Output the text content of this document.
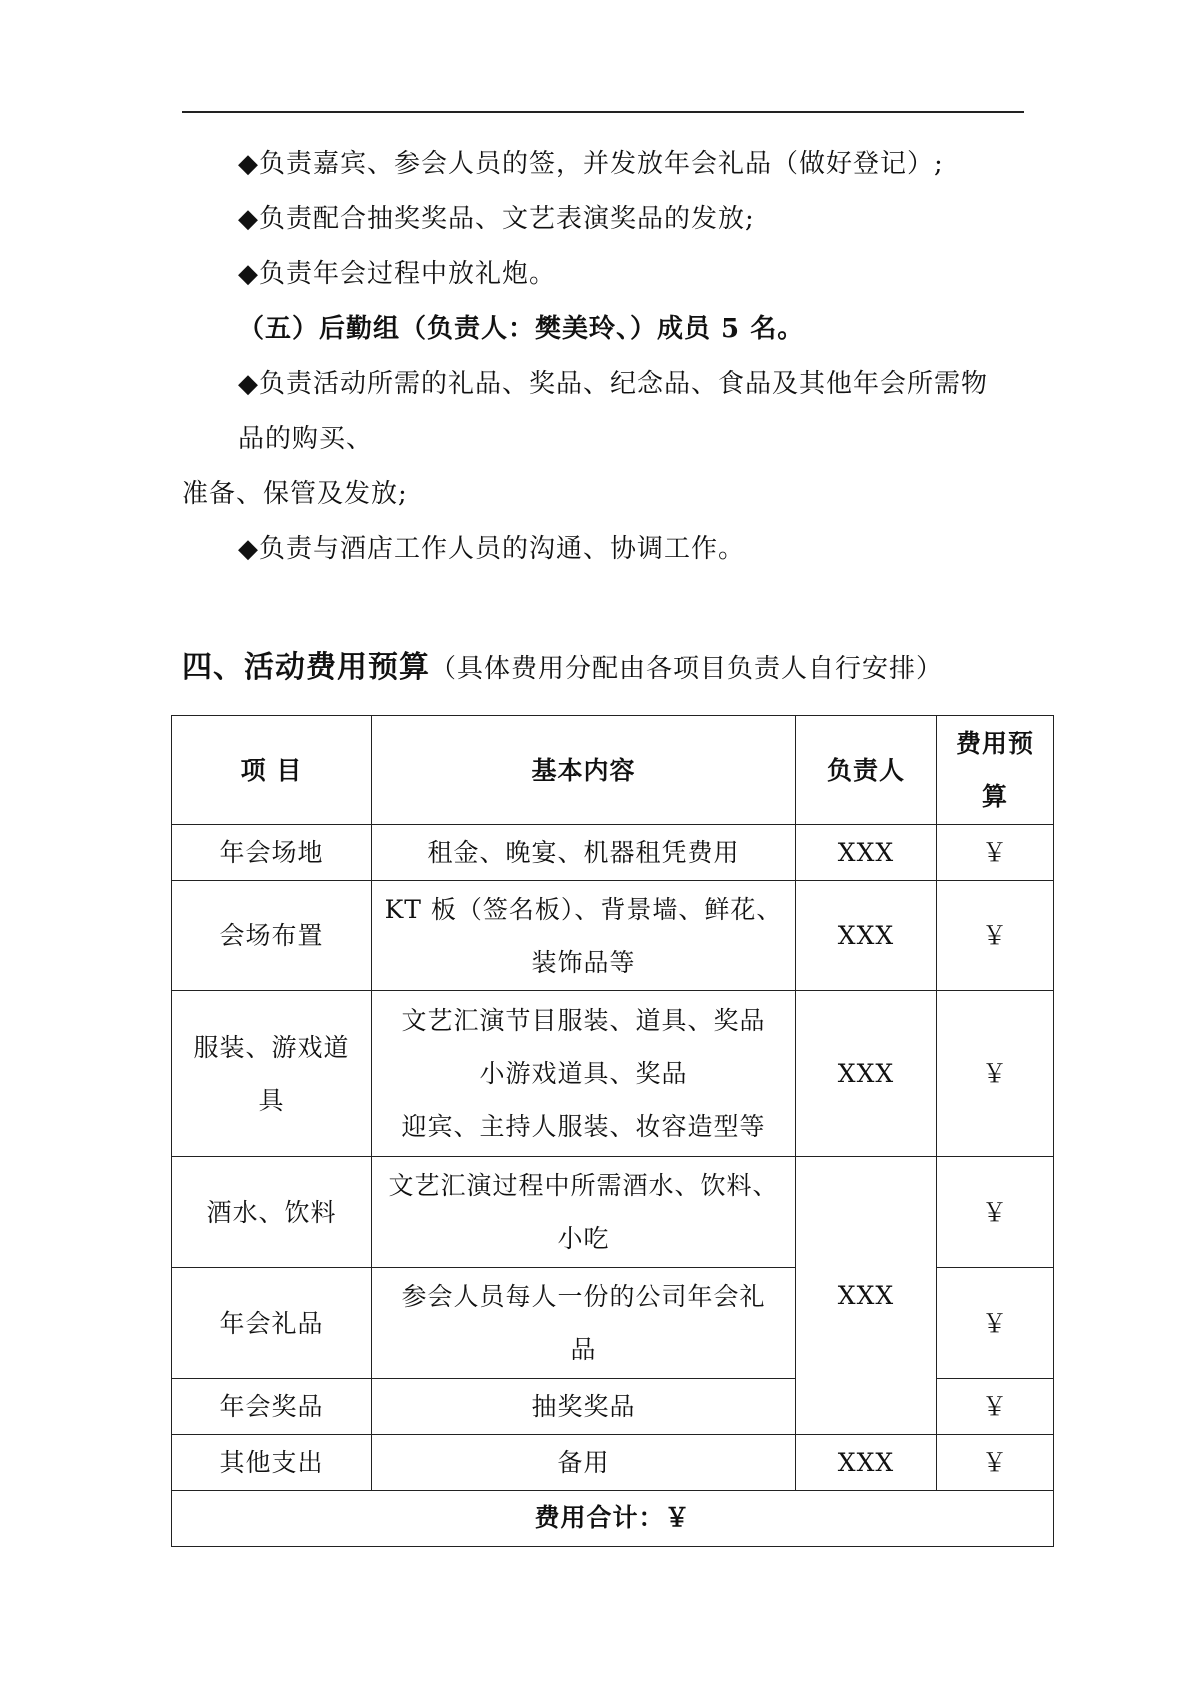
◆负责嘉宾、参会人员的签，并发放年会礼品（做好登记）;
◆负责配合抽奖奖品、文艺表演奖品的发放;
◆负责年会过程中放礼炮。
（五）后勤组（负责人：樊美玲、）成员 5 名。
◆负责活动所需的礼品、奖品、纪念品、食品及其他年会所需物
品的购买、
准备、保管及发放;
◆负责与酒店工作人员的沟通、协调工作。
四、活动费用预算（具体费用分配由各项目负责人自行安排）
项 目	基本内容	负责人	费用预
算

年会场地	租金、晚宴、机器租凭费用	XXX	￥
会场布置	KT 板（签名板）、背景墙、鲜花、
装饰品等	XXX	￥

服装、游戏道
具	文艺汇演节目服装、道具、奖品
小游戏道具、奖品
迎宾、主持人服装、妆容造型等	XXX	￥
酒水、饮料	文艺汇演过程中所需酒水、饮料、
小吃	XXX	￥
年会礼品	参会人员每人一份的公司年会礼
品		￥
年会奖品	抽奖奖品		￥
其他支出	备用	XXX	￥
费用合计：￥			
